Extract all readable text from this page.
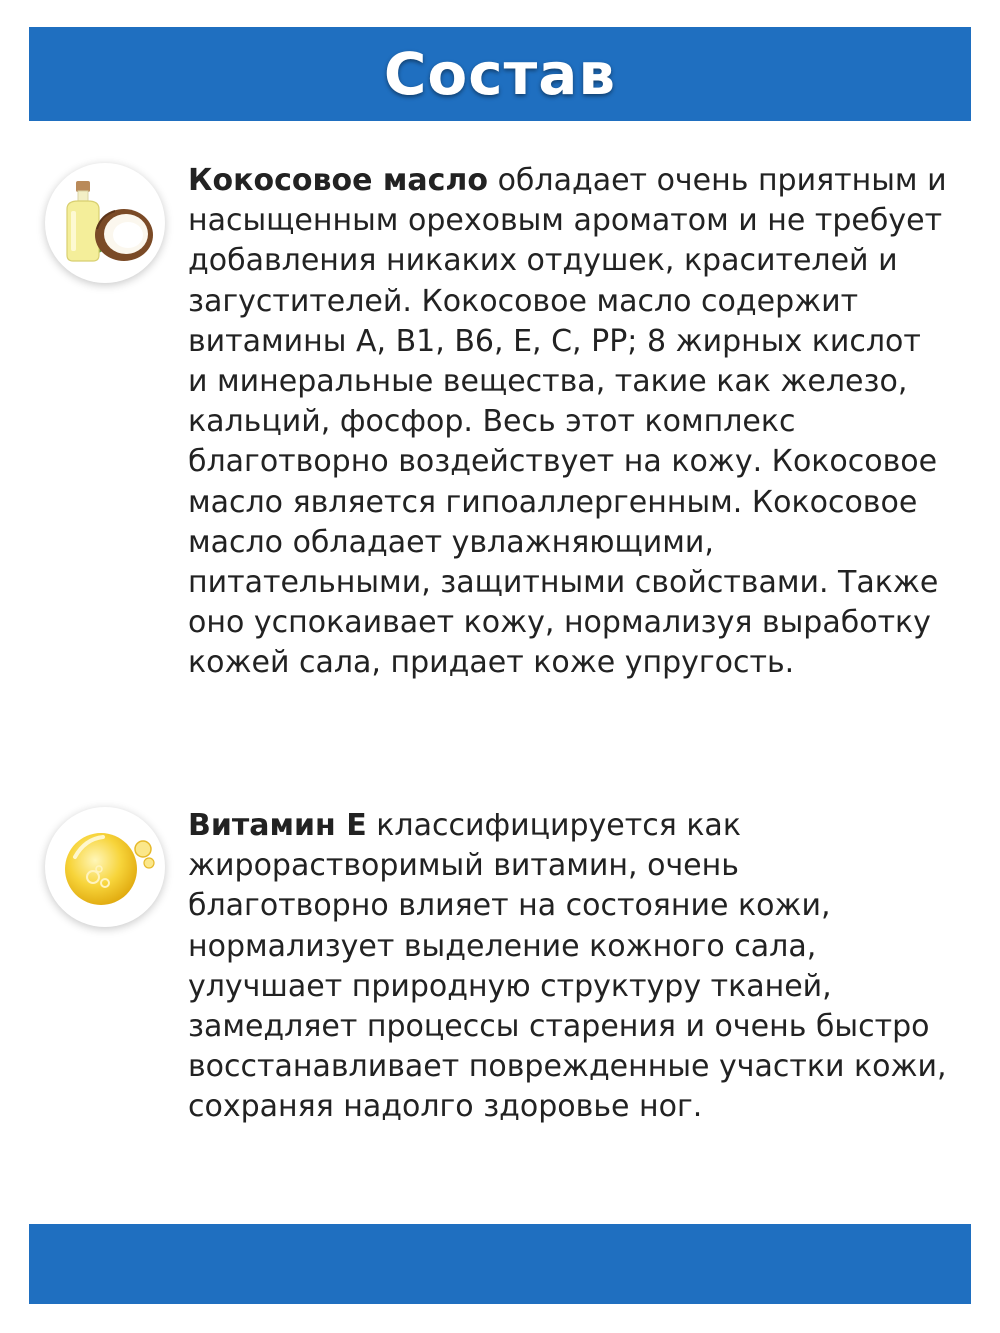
Состав
Кокосовое масло обладает очень приятным и насыщенным ореховым ароматом и не требует добавления никаких отдушек, красителей и загустителей. Кокосовое масло содержит витамины А, В1, В6, Е, С, РР; 8 жирных кислот и минеральные вещества, такие как железо, кальций, фосфор. Весь этот комплекс благотворно воздействует на кожу. Кокосовое масло является гипоаллергенным. Кокосовое масло обладает увлажняющими, питательными, защитными свойствами. Также оно успокаивает кожу, нормализуя выработку кожей сала, придает коже упругость.
Витамин Е классифицируется как жирорастворимый витамин, очень благотворно влияет на состояние кожи, нормализует выделение кожного сала, улучшает природную структуру тканей, замедляет процессы старения и очень быстро восстанавливает поврежденные участки кожи, сохраняя надолго здоровье ног.
